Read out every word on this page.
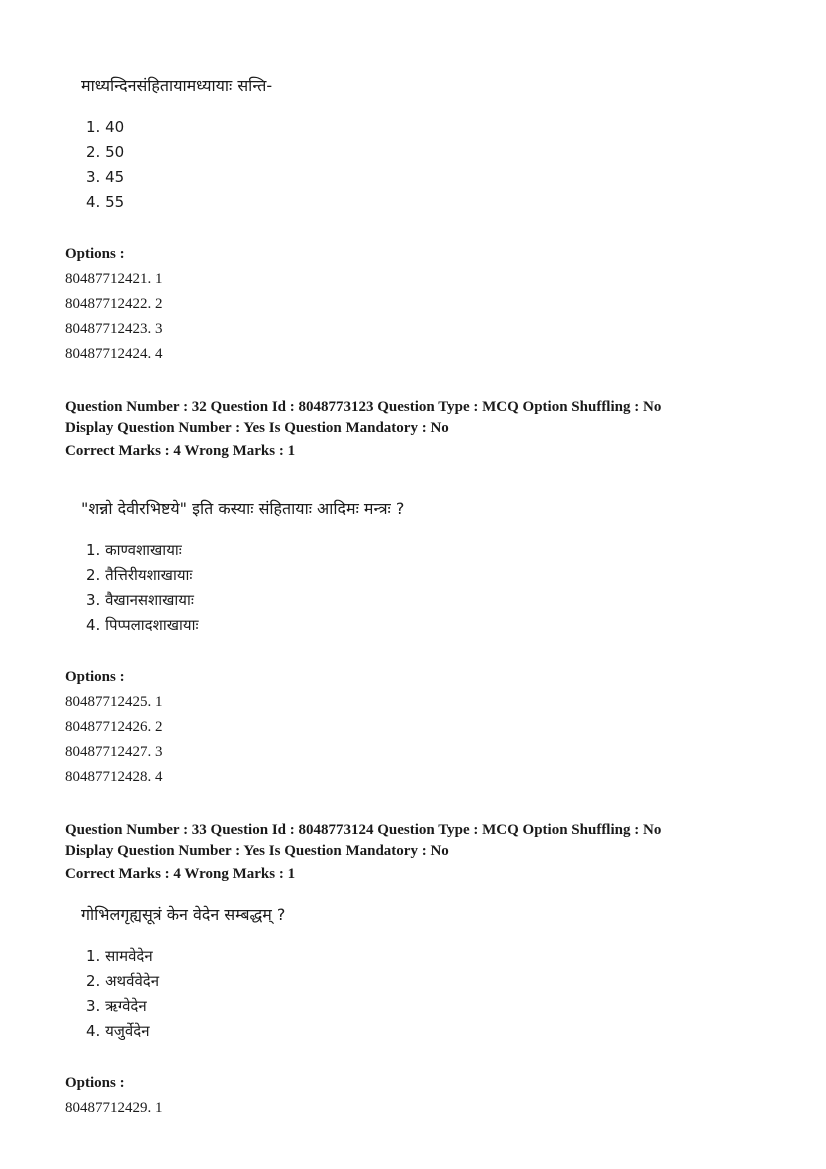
माध्यन्दिनसंहितायामध्यायाः सन्ति-
1. 40
2. 50
3. 45
4. 55
Options :
80487712421. 1
80487712422. 2
80487712423. 3
80487712424. 4
Question Number : 32 Question Id : 8048773123 Question Type : MCQ Option Shuffling : No
Display Question Number : Yes Is Question Mandatory : No
Correct Marks : 4 Wrong Marks : 1
"शन्नो देवीरभिष्टये" इति कस्याः संहितायाः आदिमः मन्त्रः ?
1. काण्वशाखायाः
2. तैत्तिरीयशाखायाः
3. वैखानसशाखायाः
4. पिप्पलादशाखायाः
Options :
80487712425. 1
80487712426. 2
80487712427. 3
80487712428. 4
Question Number : 33 Question Id : 8048773124 Question Type : MCQ Option Shuffling : No
Display Question Number : Yes Is Question Mandatory : No
Correct Marks : 4 Wrong Marks : 1
गोभिलगृह्यसूत्रं केन वेदेन सम्बद्धम् ?
1. सामवेदेन
2. अथर्ववेदेन
3. ऋग्वेदेन
4. यजुर्वेदेन
Options :
80487712429. 1
